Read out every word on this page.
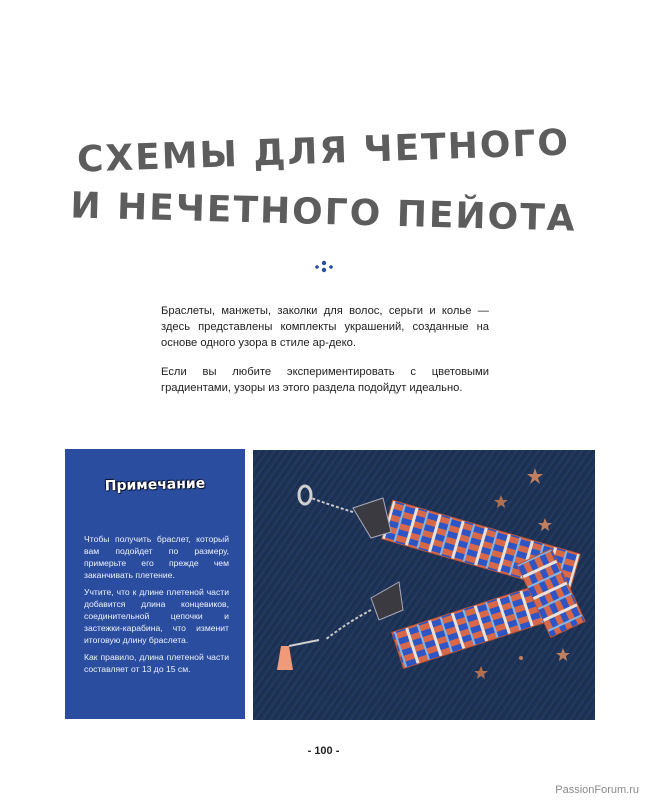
СХЕМЫ ДЛЯ ЧЕТНОГО
И НЕЧЕТНОГО ПЕЙОТА
Браслеты, манжеты, заколки для волос, серьги и колье — здесь представлены комплекты украшений, созданные на основе одного узора в стиле ар-деко.
Если вы любите экспериментировать с цветовыми градиентами, узоры из этого раздела подойдут идеально.
Примечание

Чтобы получить браслет, который вам подойдет по размеру, примерьте его прежде чем заканчивать плетение.

Учтите, что к длине плетеной части добавится длина концевиков, соединительной цепочки и застежки-карабина, что изменит итоговую длину браслета.

Как правило, длина плетеной части составляет от 13 до 15 см.

- 100 -
PassionForum.ru
